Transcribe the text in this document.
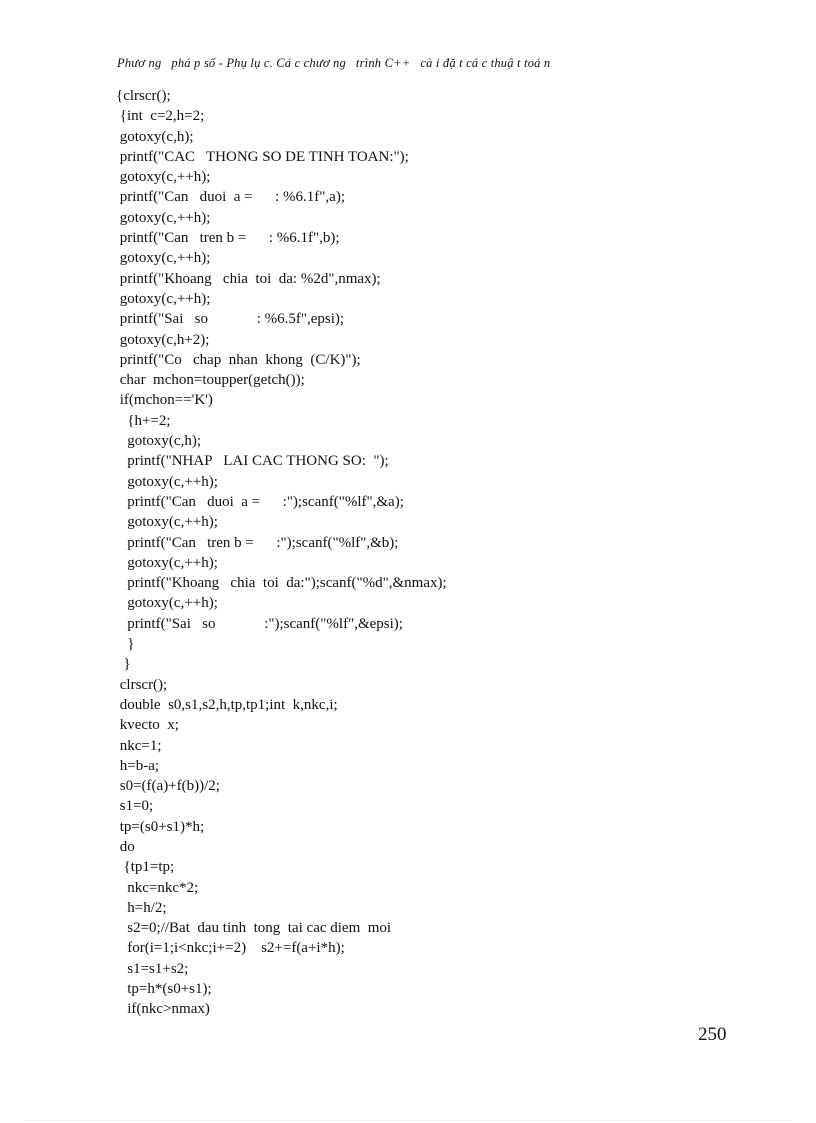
Phươ ng   phá p số - Phụ lụ c. Cá c chươ ng   trình C++   cà i đặ t cá c thuậ t toá n
{clrscr();
{int  c=2,h=2;
gotoxy(c,h);
printf("CAC   THONG SO DE TINH TOAN:");
gotoxy(c,++h);
printf("Can   duoi  a =      : %6.1f",a);
gotoxy(c,++h);
printf("Can   tren b =      : %6.1f",b);
gotoxy(c,++h);
printf("Khoang   chia  toi  da: %2d",nmax);
gotoxy(c,++h);
printf("Sai   so             : %6.5f",epsi);
gotoxy(c,h+2);
printf("Co   chap  nhan  khong  (C/K)");
char  mchon=toupper(getch());
if(mchon=='K')
{h+=2;
gotoxy(c,h);
printf("NHAP   LAI CAC THONG SO:  ");
gotoxy(c,++h);
printf("Can   duoi  a =      :");scanf("%lf",&a);
gotoxy(c,++h);
printf("Can   tren b =      :");scanf("%lf",&b);
gotoxy(c,++h);
printf("Khoang   chia  toi  da:");scanf("%d",&nmax);
gotoxy(c,++h);
printf("Sai   so             :");scanf("%lf",&epsi);
}
}
clrscr();
double  s0,s1,s2,h,tp,tp1;int  k,nkc,i;
kvecto  x;
nkc=1;
h=b-a;
s0=(f(a)+f(b))/2;
s1=0;
tp=(s0+s1)*h;
do
{tp1=tp;
nkc=nkc*2;
h=h/2;
s2=0;//Bat  dau tinh  tong  tai cac diem  moi
for(i=1;i<nkc;i+=2)    s2+=f(a+i*h);
s1=s1+s2;
tp=h*(s0+s1);
if(nkc>nmax)
250
